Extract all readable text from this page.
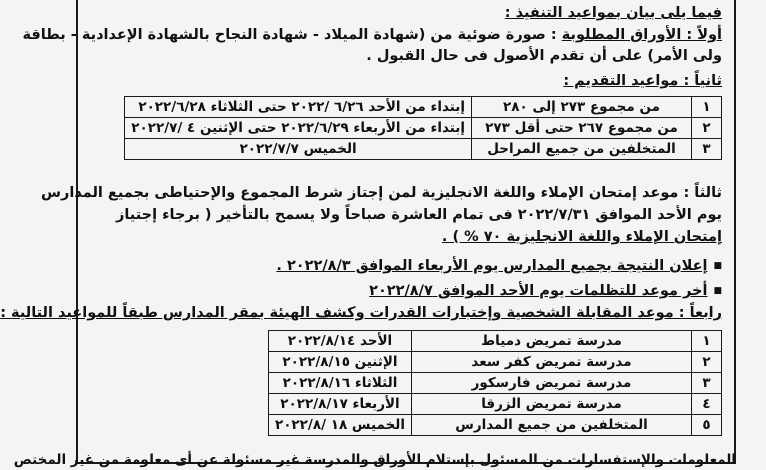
فيما يلى بيان بمواعيد التنفيذ :
أولاً : الأوراق المطلوبة : صورة ضوئية من (شهادة الميلاد - شهادة النجاح بالشهادة الإعدادية - بطاقة
ولى الأمر) على أن تقدم الأصول فى حال القبول .
ثانياً : مواعيد التقديم :
١	من مجموع ٢٧٣ إلى ٢٨٠	إبتداء من الأحد ٦/٢٦ /٢٠٢٢ حتى الثلاثاء ٢٠٢٢/٦/٢٨
٢	من مجموع ٢٦٧ حتى أقل ٢٧٣	إبتداء من الأربعاء ٢٠٢٢/٦/٢٩ حتى الإثنين ٤ /٢٠٢٢/٧
٣	المتخلفين من جميع المراحل	الخميس ٢٠٢٢/٧/٧
ثالثاً : موعد إمتحان الإملاء واللغة الانجليزية لمن إجتاز شرط المجموع والإحتياطى بجميع المدارس
يوم الأحد الموافق ٢٠٢٢/٧/٣١ فى تمام العاشرة صباحاً ولا يسمح بالتأخير ( برجاء إجتياز
إمتحان الإملاء واللغة الانجليزية ٧٠ % ) .
■ إعلان النتيجة بجميع المدارس يوم الأربعاء الموافق ٢٠٢٢/٨/٣ .
■ أخر موعد للتظلمات يوم الأحد الموافق ٢٠٢٢/٨/٧
رابعاً : موعد المقابلة الشخصية وإختبارات القدرات وكشف الهيئة بمقر المدارس طبقاً للمواعيد التالية :
١	مدرسة تمريض دمياط	الأحد ٢٠٢٢/٨/١٤
٢	مدرسة تمريض كفر سعد	الإثنين ٢٠٢٢/٨/١٥
٣	مدرسة تمريض فارسكور	الثلاثاء ٢٠٢٢/٨/١٦
٤	مدرسة تمريض الزرقا	الأربعاء ٢٠٢٢/٨/١٧
٥	المتخلفين من جميع المدارس	الخميس ١٨ /٢٠٢٢/٨
المعلومات والإستفسارات من المسئول بإستلام الأوراق والمدرسة غير مسئولة عن أى معلومة من غير المختص
